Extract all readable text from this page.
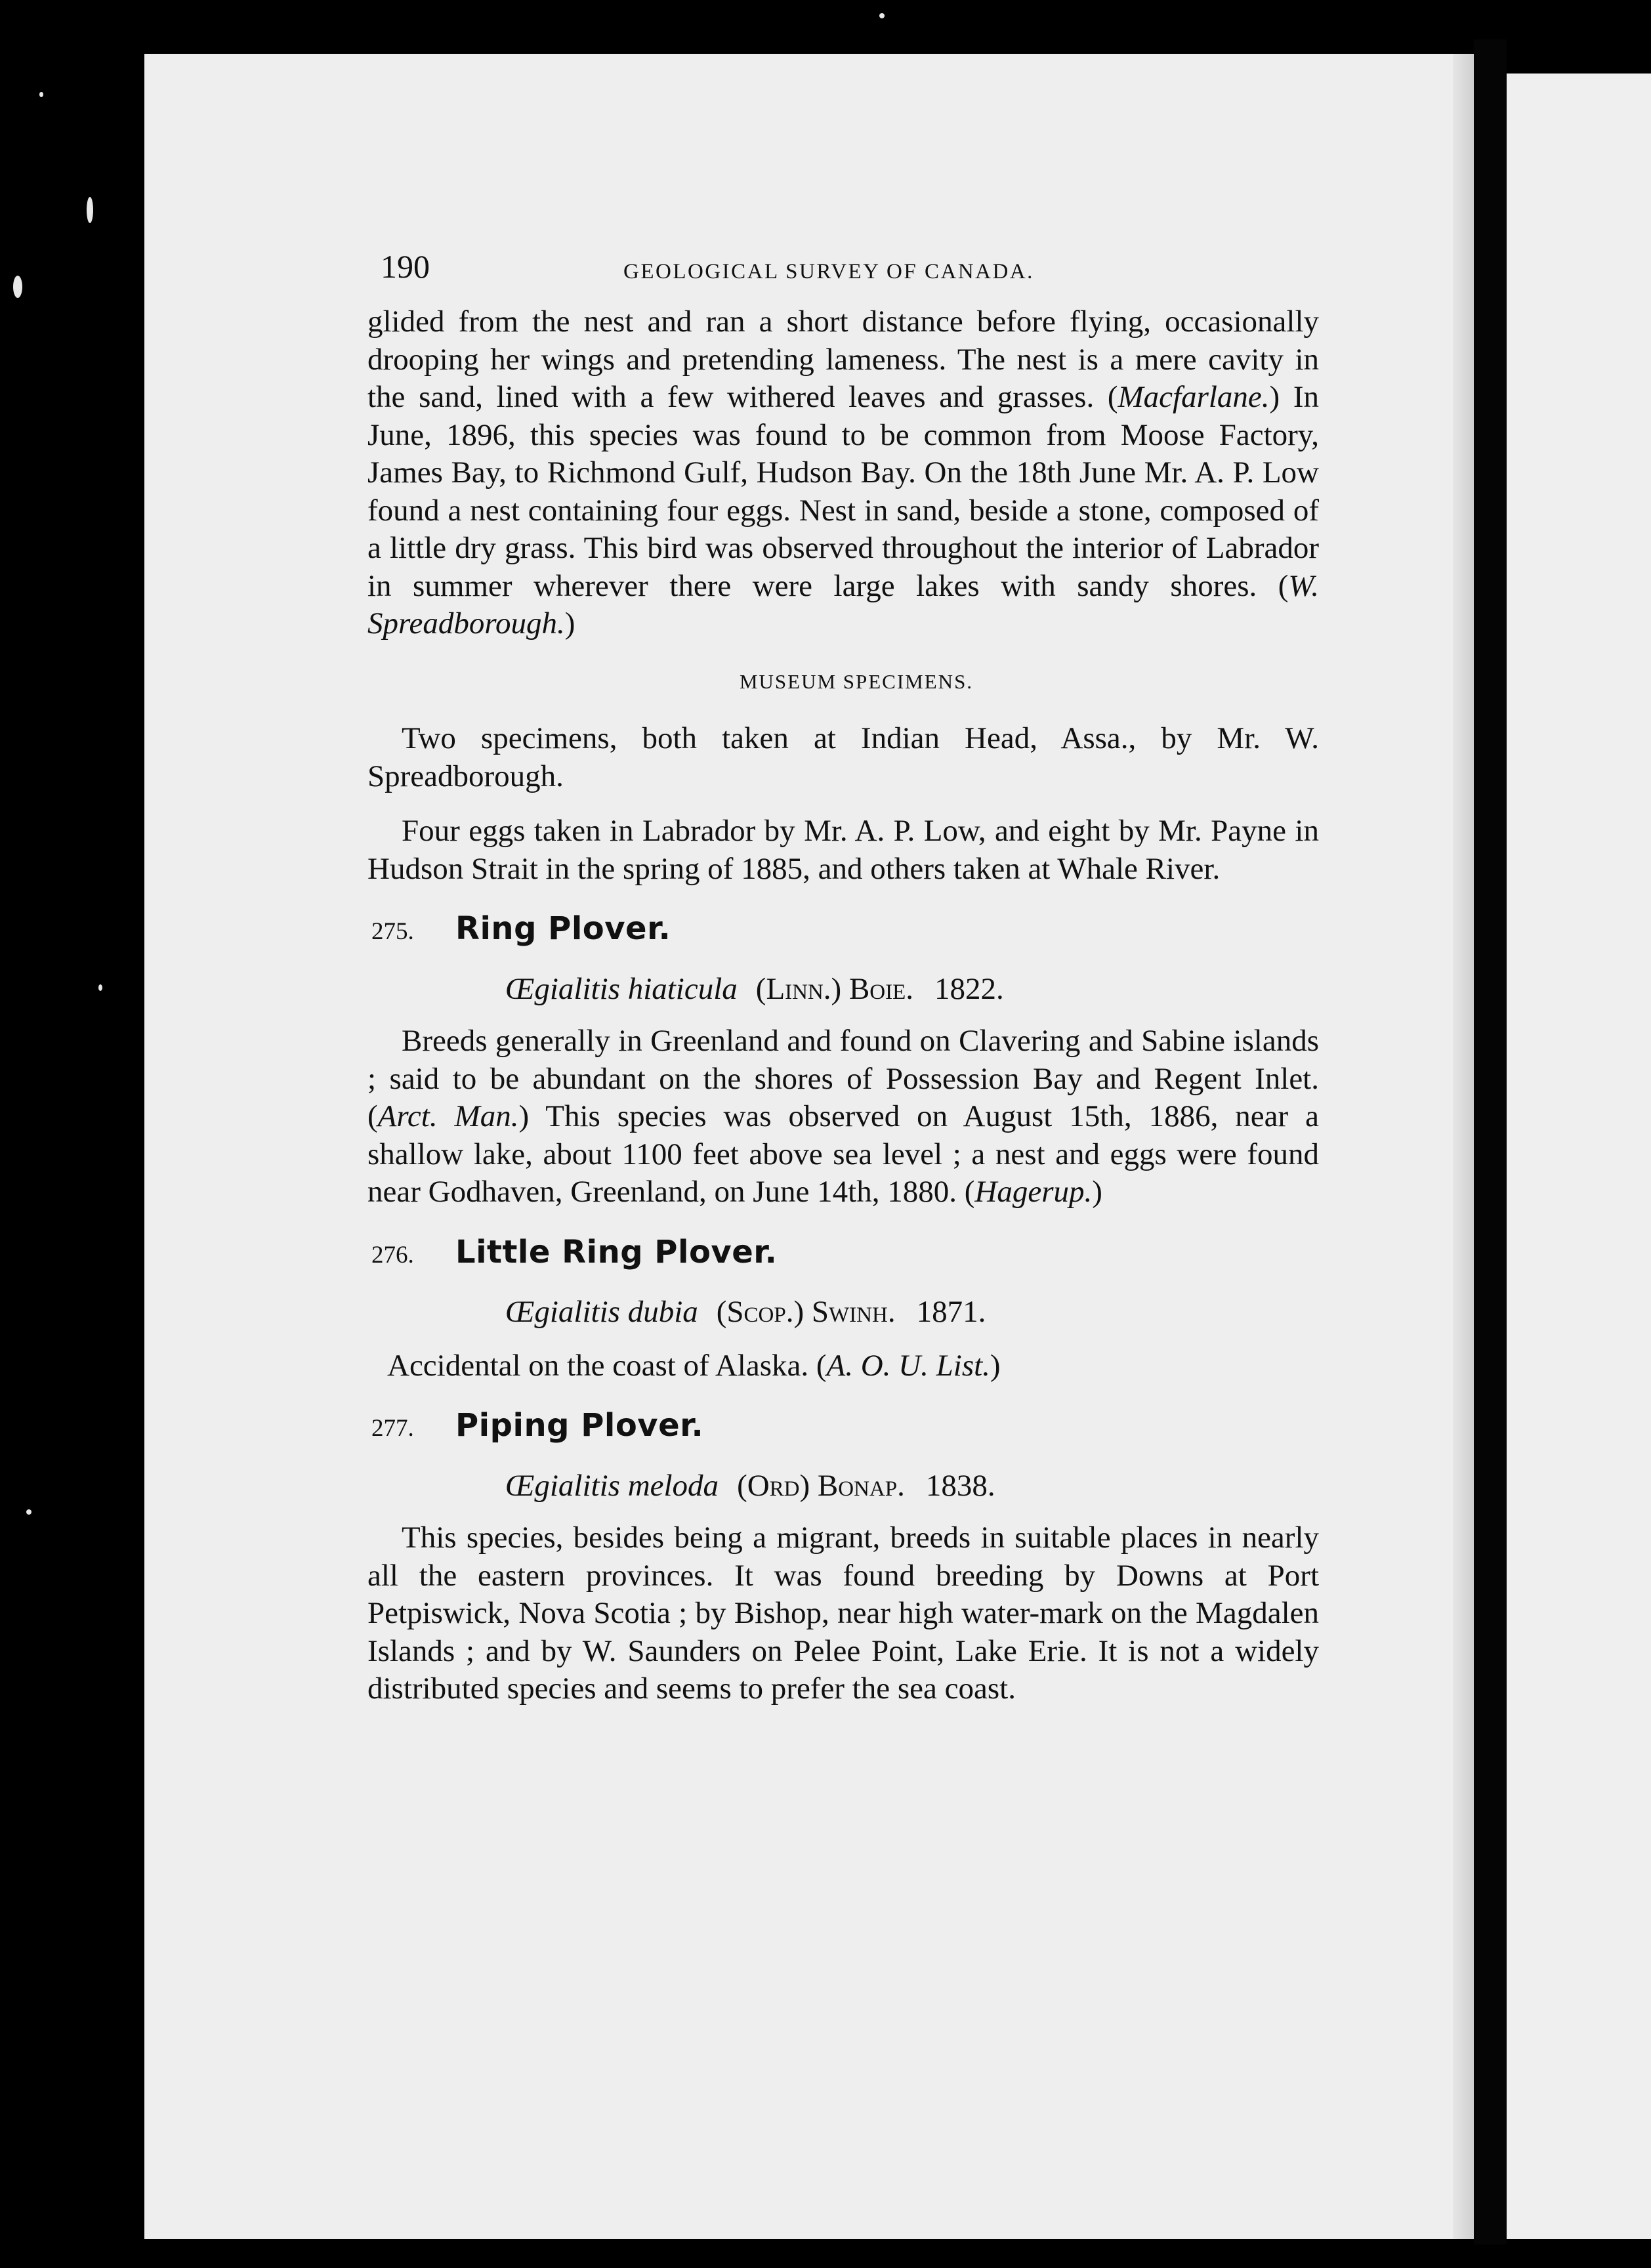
190	GEOLOGICAL SURVEY OF CANADA.

glided from the nest and ran a short distance before flying, occasionally drooping her wings and pretending lameness. The nest is a mere cavity in the sand, lined with a few withered leaves and grasses. (Macfarlane.) In June, 1896, this species was found to be common from Moose Factory, James Bay, to Richmond Gulf, Hudson Bay. On the 18th June Mr. A. P. Low found a nest containing four eggs. Nest in sand, beside a stone, composed of a little dry grass. This bird was observed throughout the interior of Labrador in summer wherever there were large lakes with sandy shores. (W. Spreadborough.)

MUSEUM SPECIMENS.

Two specimens, both taken at Indian Head, Assa., by Mr. W. Spreadborough.

Four eggs taken in Labrador by Mr. A. P. Low, and eight by Mr. Payne in Hudson Strait in the spring of 1885, and others taken at Whale River.

275.	Ring Plover.
Œgialitis hiaticula (Linn.) Boie. 1822.

Breeds generally in Greenland and found on Clavering and Sabine islands ; said to be abundant on the shores of Possession Bay and Regent Inlet. (Arct. Man.) This species was observed on August 15th, 1886, near a shallow lake, about 1100 feet above sea level ; a nest and eggs were found near Godhaven, Greenland, on June 14th, 1880. (Hagerup.)

276.	Little Ring Plover.
Œgialitis dubia (Scop.) Swinh. 1871.

Accidental on the coast of Alaska. (A. O. U. List.)

277.	Piping Plover.
Œgialitis meloda (Ord) Bonap. 1838.

This species, besides being a migrant, breeds in suitable places in nearly all the eastern provinces. It was found breeding by Downs at Port Petpiswick, Nova Scotia ; by Bishop, near high water-mark on the Magdalen Islands ; and by W. Saunders on Pelee Point, Lake Erie. It is not a widely distributed species and seems to prefer the sea coast.
